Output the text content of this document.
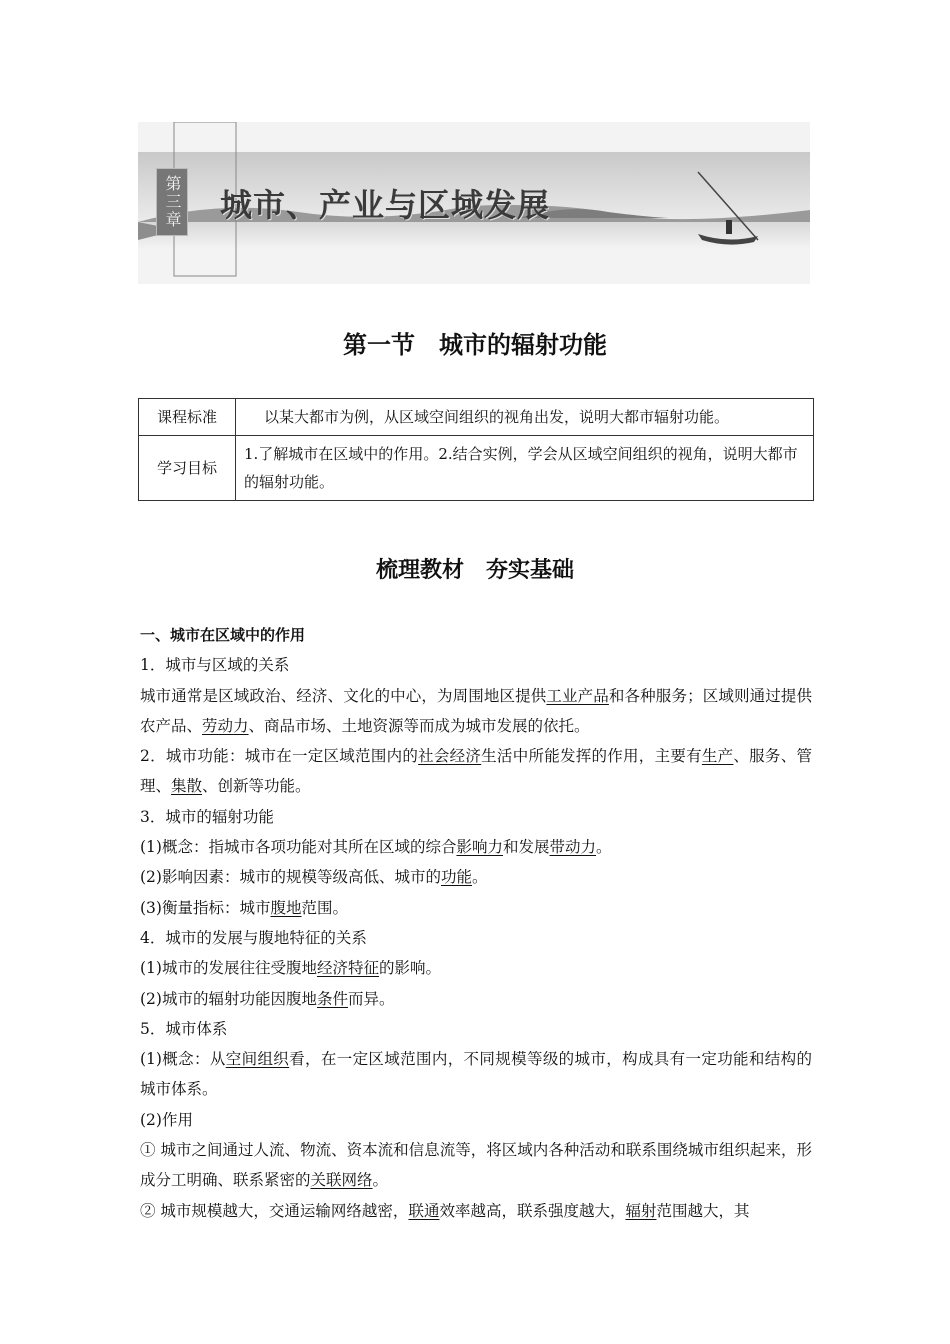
第三章 城市、产业与区域发展
第一节　城市的辐射功能
课程标准	以某大都市为例，从区域空间组织的视角出发，说明大都市辐射功能。
学习目标	1.了解城市在区域中的作用。2.结合实例，学会从区域空间组织的视角，说明大都市的辐射功能。
梳理教材　夯实基础

一、城市在区域中的作用

1．城市与区域的关系

城市通常是区域政治、经济、文化的中心，为周围地区提供工业产品和各种服务；区域则通过提供农产品、劳动力、商品市场、土地资源等而成为城市发展的依托。

2．城市功能：城市在一定区域范围内的社会经济生活中所能发挥的作用，主要有生产、服务、管理、集散、创新等功能。

3．城市的辐射功能

(1)概念：指城市各项功能对其所在区域的综合影响力和发展带动力。

(2)影响因素：城市的规模等级高低、城市的功能。

(3)衡量指标：城市腹地范围。

4．城市的发展与腹地特征的关系

(1)城市的发展往往受腹地经济特征的影响。

(2)城市的辐射功能因腹地条件而异。

5．城市体系

(1)概念：从空间组织看，在一定区域范围内，不同规模等级的城市，构成具有一定功能和结构的城市体系。

(2)作用

① 城市之间通过人流、物流、资本流和信息流等，将区域内各种活动和联系围绕城市组织起来，形成分工明确、联系紧密的关联网络。

② 城市规模越大，交通运输网络越密，联通效率越高，联系强度越大，辐射范围越大，其
